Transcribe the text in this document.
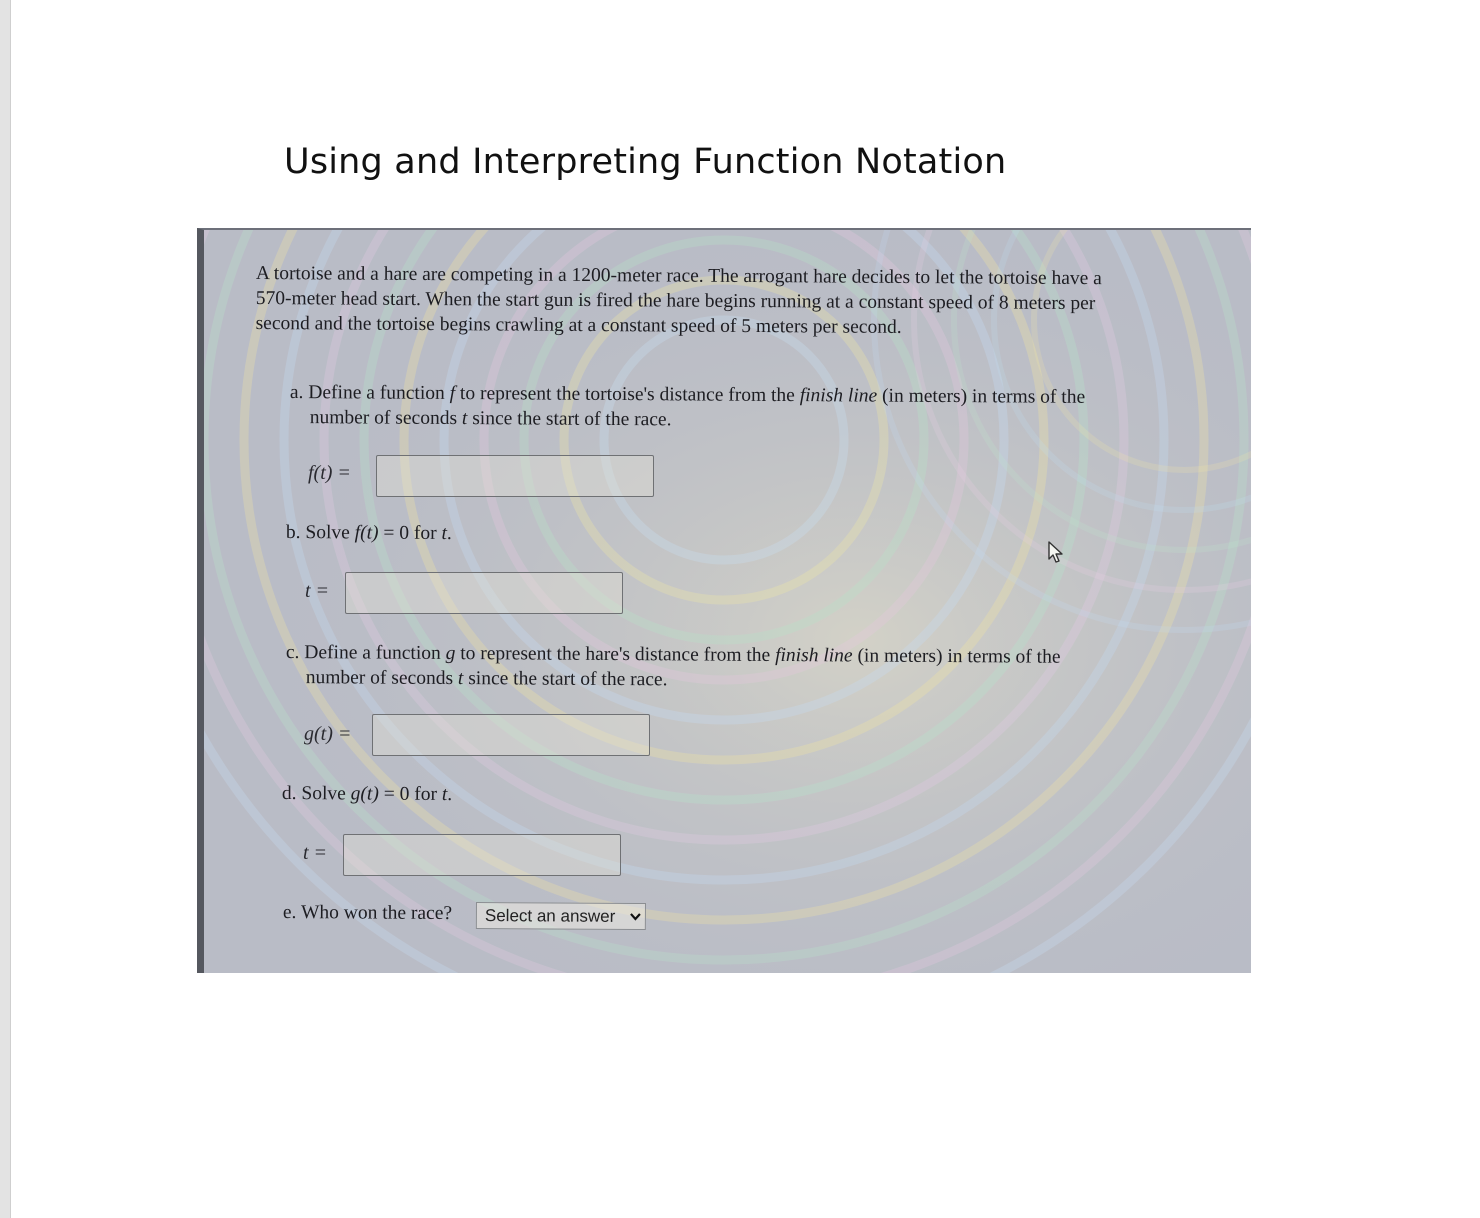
Using and Interpreting Function Notation
A tortoise and a hare are competing in a 1200-meter race. The arrogant hare decides to let the tortoise have a
570-meter head start. When the start gun is fired the hare begins running at a constant speed of 8 meters per
second and the tortoise begins crawling at a constant speed of 5 meters per second.
a. Define a function f to represent the tortoise's distance from the finish line (in meters) in terms of the
number of seconds t since the start of the race.
f(t) =
b. Solve f(t) = 0 for t.
t =
c. Define a function g to represent the hare's distance from the finish line (in meters) in terms of the
number of seconds t since the start of the race.
g(t) =
d. Solve g(t) = 0 for t.
t =
e. Who won the race?	Select an answer
